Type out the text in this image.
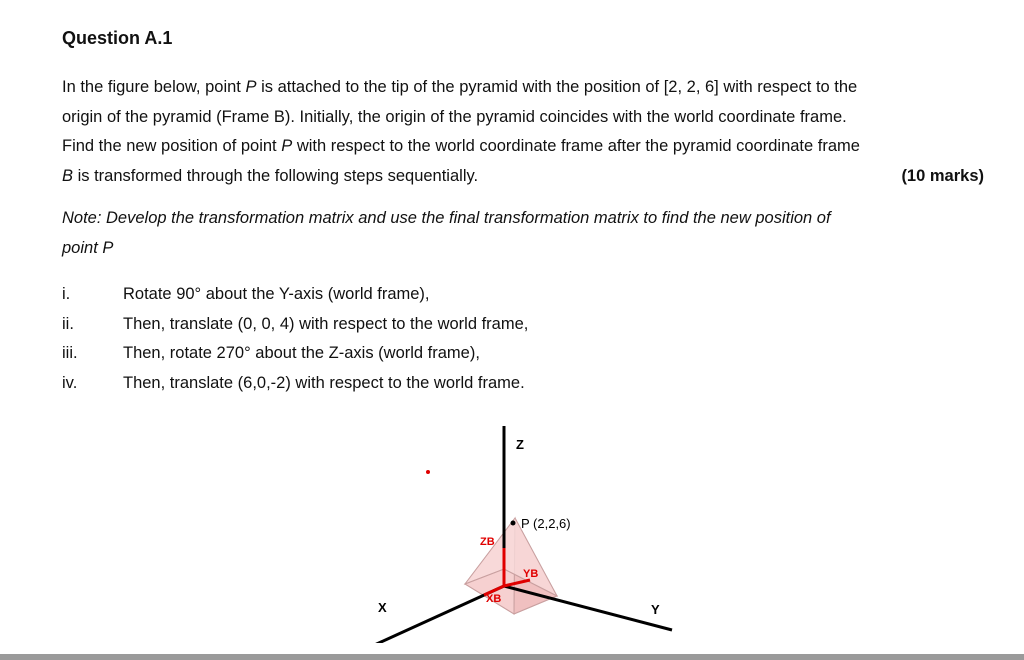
Question A.1
In the figure below, point P is attached to the tip of the pyramid with the position of [2, 2, 6] with respect to the
origin of the pyramid (Frame B). Initially, the origin of the pyramid coincides with the world coordinate frame.
Find the new position of point P with respect to the world coordinate frame after the pyramid coordinate frame
B is transformed through the following steps sequentially.	(10 marks)
Note: Develop the transformation matrix and use the final transformation matrix to find the new position of
point P
i.	Rotate 90° about the Y-axis (world frame),
ii.	Then, translate (0, 0, 4) with respect to the world frame,
iii.	Then, rotate 270° about the Z-axis (world frame),
iv.	Then, translate (6,0,-2) with respect to the world frame.
Z
X	Y
P (2,2,6)
ZB
YB
XB
